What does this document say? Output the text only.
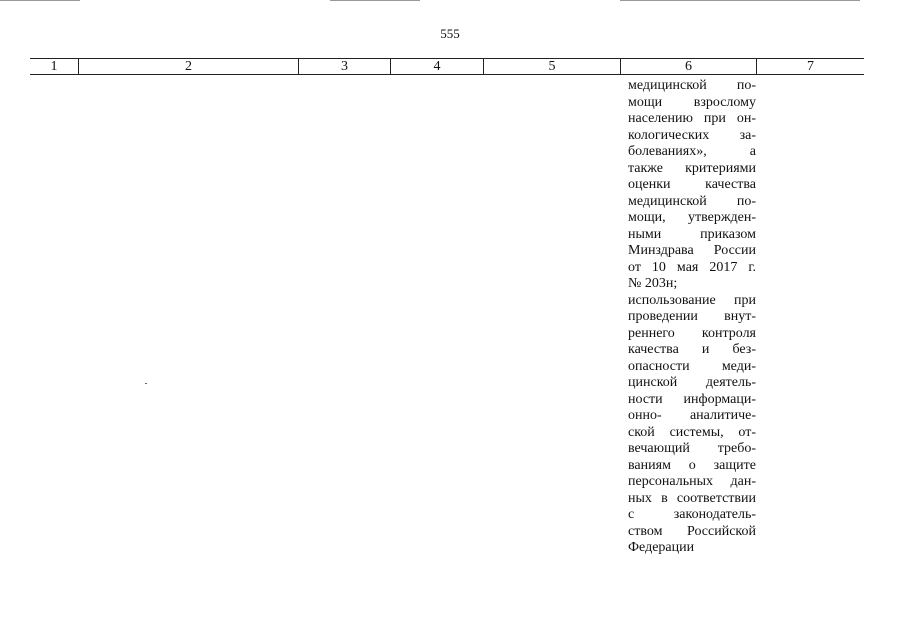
555
1	2	3	4	5	6	7
медицинской по-
мощи взрослому
населению при он-
кологических за-
болеваниях», а
также критериями
оценки качества
медицинской по-
мощи, утвержден-
ными приказом
Минздрава России
от 10 мая 2017 г.
№ 203н;
использование при
проведении внут-
реннего контроля
качества и без-
опасности меди-
цинской деятель-
ности информаци-
онно- аналитиче-
ской системы, от-
вечающий требо-
ваниям о защите
персональных дан-
ных в соответствии
с законодатель-
ством Российской
Федерации
